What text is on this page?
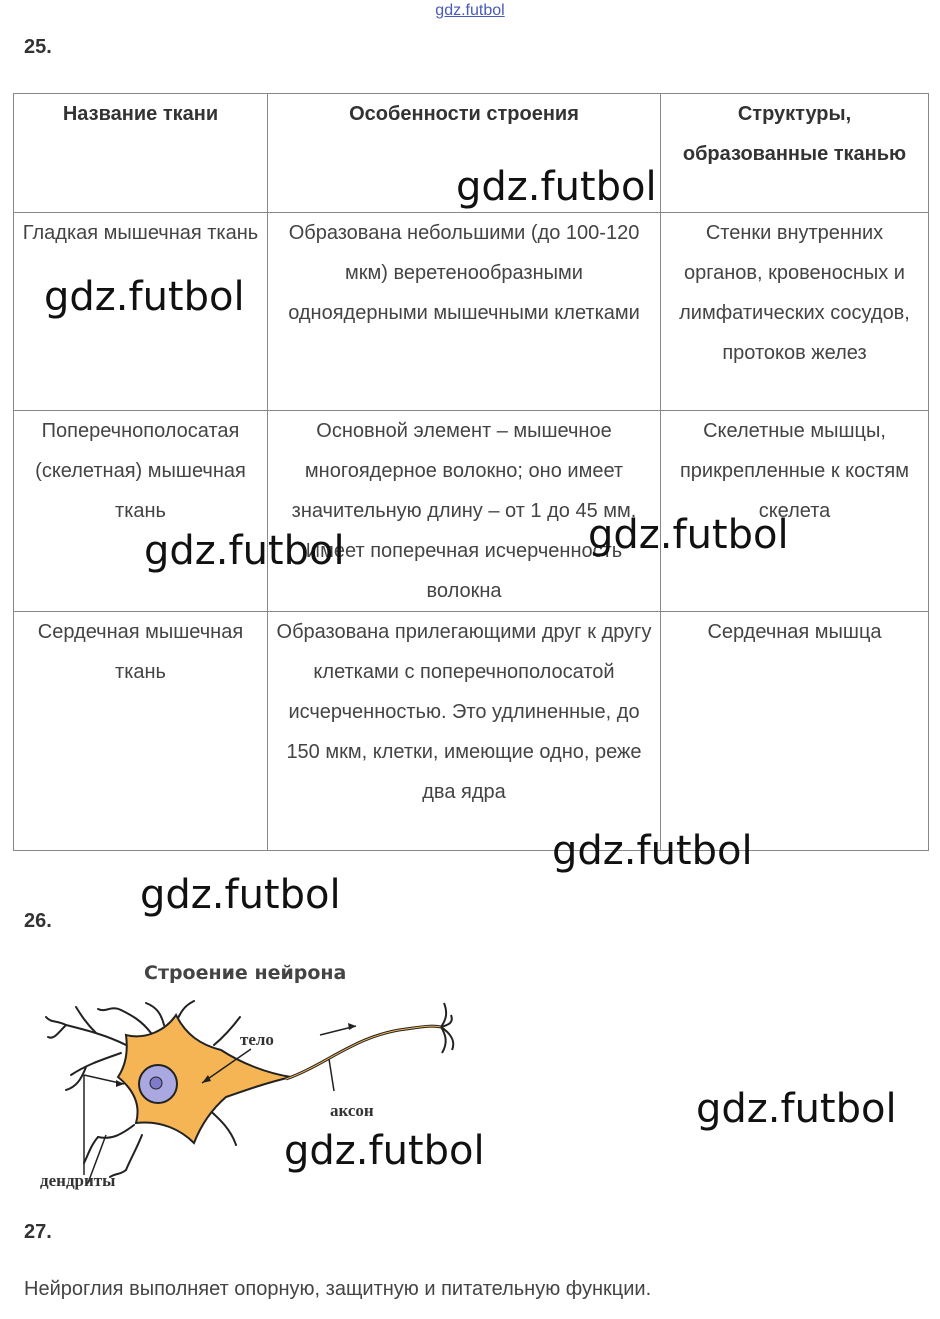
gdz.futbol
25.
Название ткани	Особенности строения	Структуры, образованные тканью
Гладкая мышечная ткань	Образована небольшими (до 100-120 мкм) веретенообразными одноядерными мышечными клетками	Стенки внутренних органов, кровеносных и лимфатических сосудов, протоков желез
Поперечнополосатая (скелетная) мышечная ткань	Основной элемент – мышечное многоядерное волокно; оно имеет значительную длину – от 1 до 45 мм. Имеет поперечная исчерченность волокна	Скелетные мышцы, прикрепленные к костям скелета
Сердечная мышечная ткань	Образована прилегающими друг к другу клетками с поперечнополосатой исчерченностью. Это удлиненные, до 150 мкм, клетки, имеющие одно, реже два ядра	Сердечная мышца
26.
Строение нейрона
тело
аксон
дендриты
27.
Нейроглия выполняет опорную, защитную и питательную функции.
gdz.futbol
gdz.futbol
gdz.futbol	gdz.futbol
gdz.futbol
gdz.futbol
gdz.futbol
gdz.futbol
